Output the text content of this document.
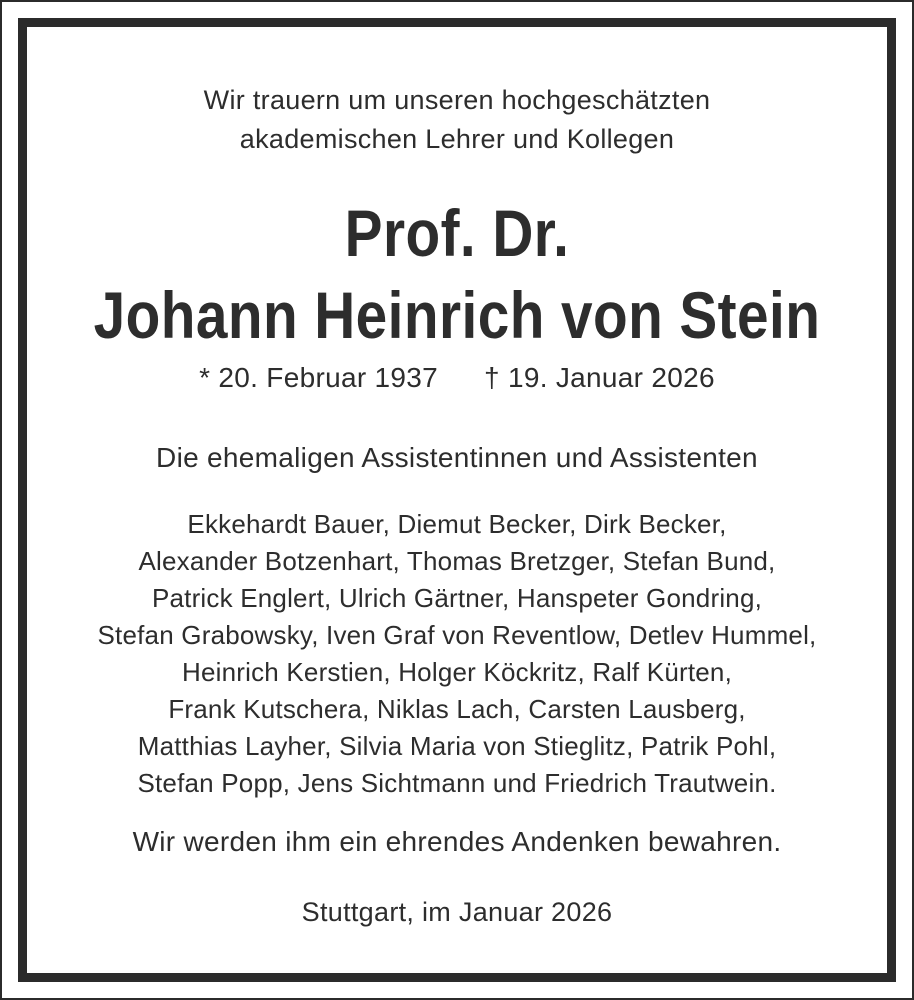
Wir trauern um unseren hochgeschätzten
akademischen Lehrer und Kollegen
Prof. Dr.
Johann Heinrich von Stein
* 20. Februar 1937 † 19. Januar 2026
Die ehemaligen Assistentinnen und Assistenten
Ekkehardt Bauer, Diemut Becker, Dirk Becker,
Alexander Botzenhart, Thomas Bretzger, Stefan Bund,
Patrick Englert, Ulrich Gärtner, Hanspeter Gondring,
Stefan Grabowsky, Iven Graf von Reventlow, Detlev Hummel,
Heinrich Kerstien, Holger Köckritz, Ralf Kürten,
Frank Kutschera, Niklas Lach, Carsten Lausberg,
Matthias Layher, Silvia Maria von Stieglitz, Patrik Pohl,
Stefan Popp, Jens Sichtmann und Friedrich Trautwein.
Wir werden ihm ein ehrendes Andenken bewahren.
Stuttgart, im Januar 2026
